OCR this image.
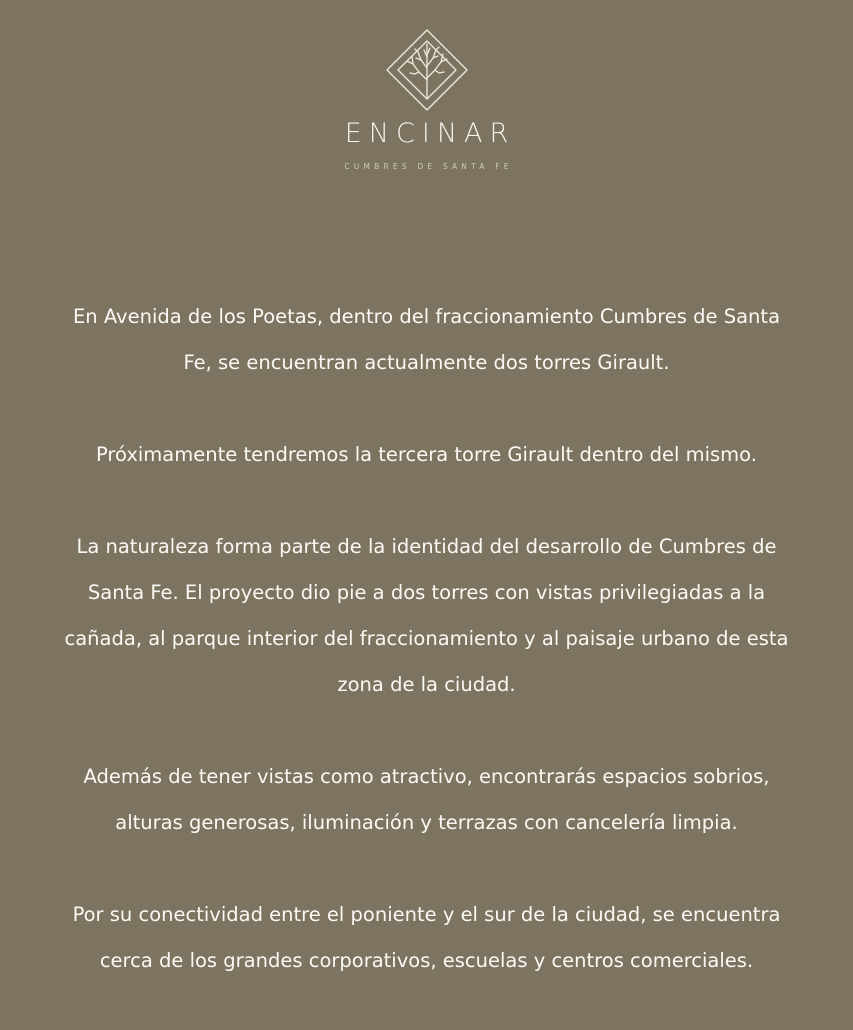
ENCINAR
CUMBRES DE SANTA FE

En Avenida de los Poetas, dentro del fraccionamiento Cumbres de Santa
Fe, se encuentran actualmente dos torres Girault.

Próximamente tendremos la tercera torre Girault dentro del mismo.

La naturaleza forma parte de la identidad del desarrollo de Cumbres de
Santa Fe. El proyecto dio pie a dos torres con vistas privilegiadas a la
cañada, al parque interior del fraccionamiento y al paisaje urbano de esta
zona de la ciudad.

Además de tener vistas como atractivo, encontrarás espacios sobrios,
alturas generosas, iluminación y terrazas con cancelería limpia.

Por su conectividad entre el poniente y el sur de la ciudad, se encuentra
cerca de los grandes corporativos, escuelas y centros comerciales.
